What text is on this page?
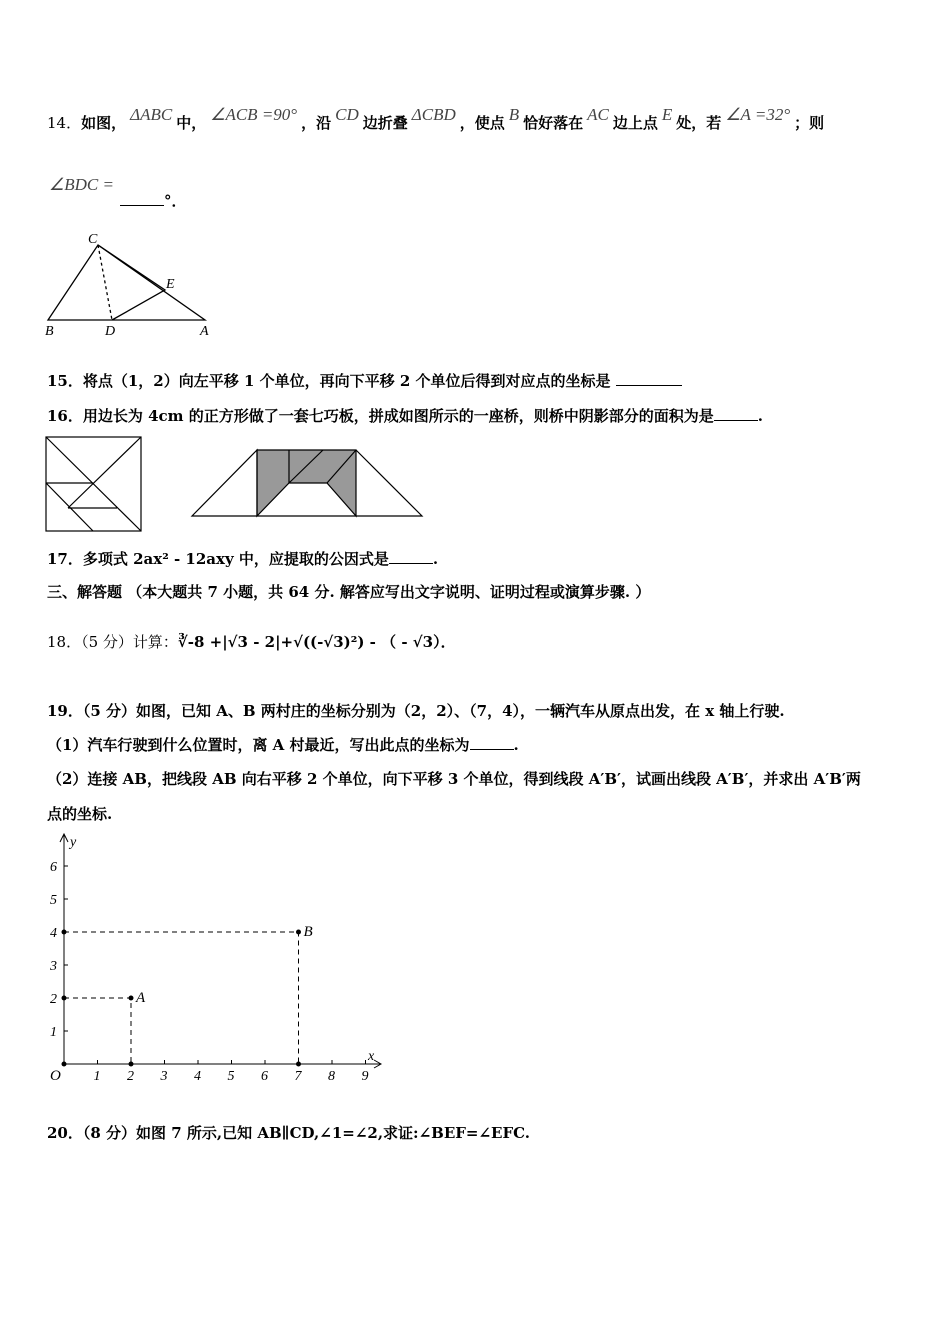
14．如图， ΔABC 中， ∠ACB =90° ，沿 CD 边折叠 ΔCBD ，使点 B 恰好落在 AC 边上点 E 处，若 ∠A =32° ；则
∠BDC =
°．
C
E
B	D	A
15．将点（1，2）向左平移 1 个单位，再向下平移 2 个单位后得到对应点的坐标是
16．用边长为 4cm 的正方形做了一套七巧板，拼成如图所示的一座桥，则桥中阴影部分的面积为是	.
17．多项式 2ax² - 12axy 中，应提取的公因式是	.
三、解答题 （本大题共 7 小题，共 64 分. 解答应写出文字说明、证明过程或演算步骤. ）
18．（5 分）计算：∛-8 +|√3 - 2|+√((-√3)²) - （ - √3）．
19．（5 分）如图，已知 A、B 两村庄的坐标分别为（2，2）、（7，4），一辆汽车从原点出发，在 x 轴上行驶.
（1）汽车行驶到什么位置时，离 A 村最近，写出此点的坐标为	.
（2）连接 AB，把线段 AB 向右平移 2 个单位，向下平移 3 个单位，得到线段 A′B′，试画出线段 A′B′，并求出 A′B′两
点的坐标.
x
y
O 1 2 3 4 5 6 7 8 9
1
2
3
4
5
6
A
B
20．（8 分）如图 7 所示,已知 AB∥CD,∠1=∠2,求证:∠BEF=∠EFC.
